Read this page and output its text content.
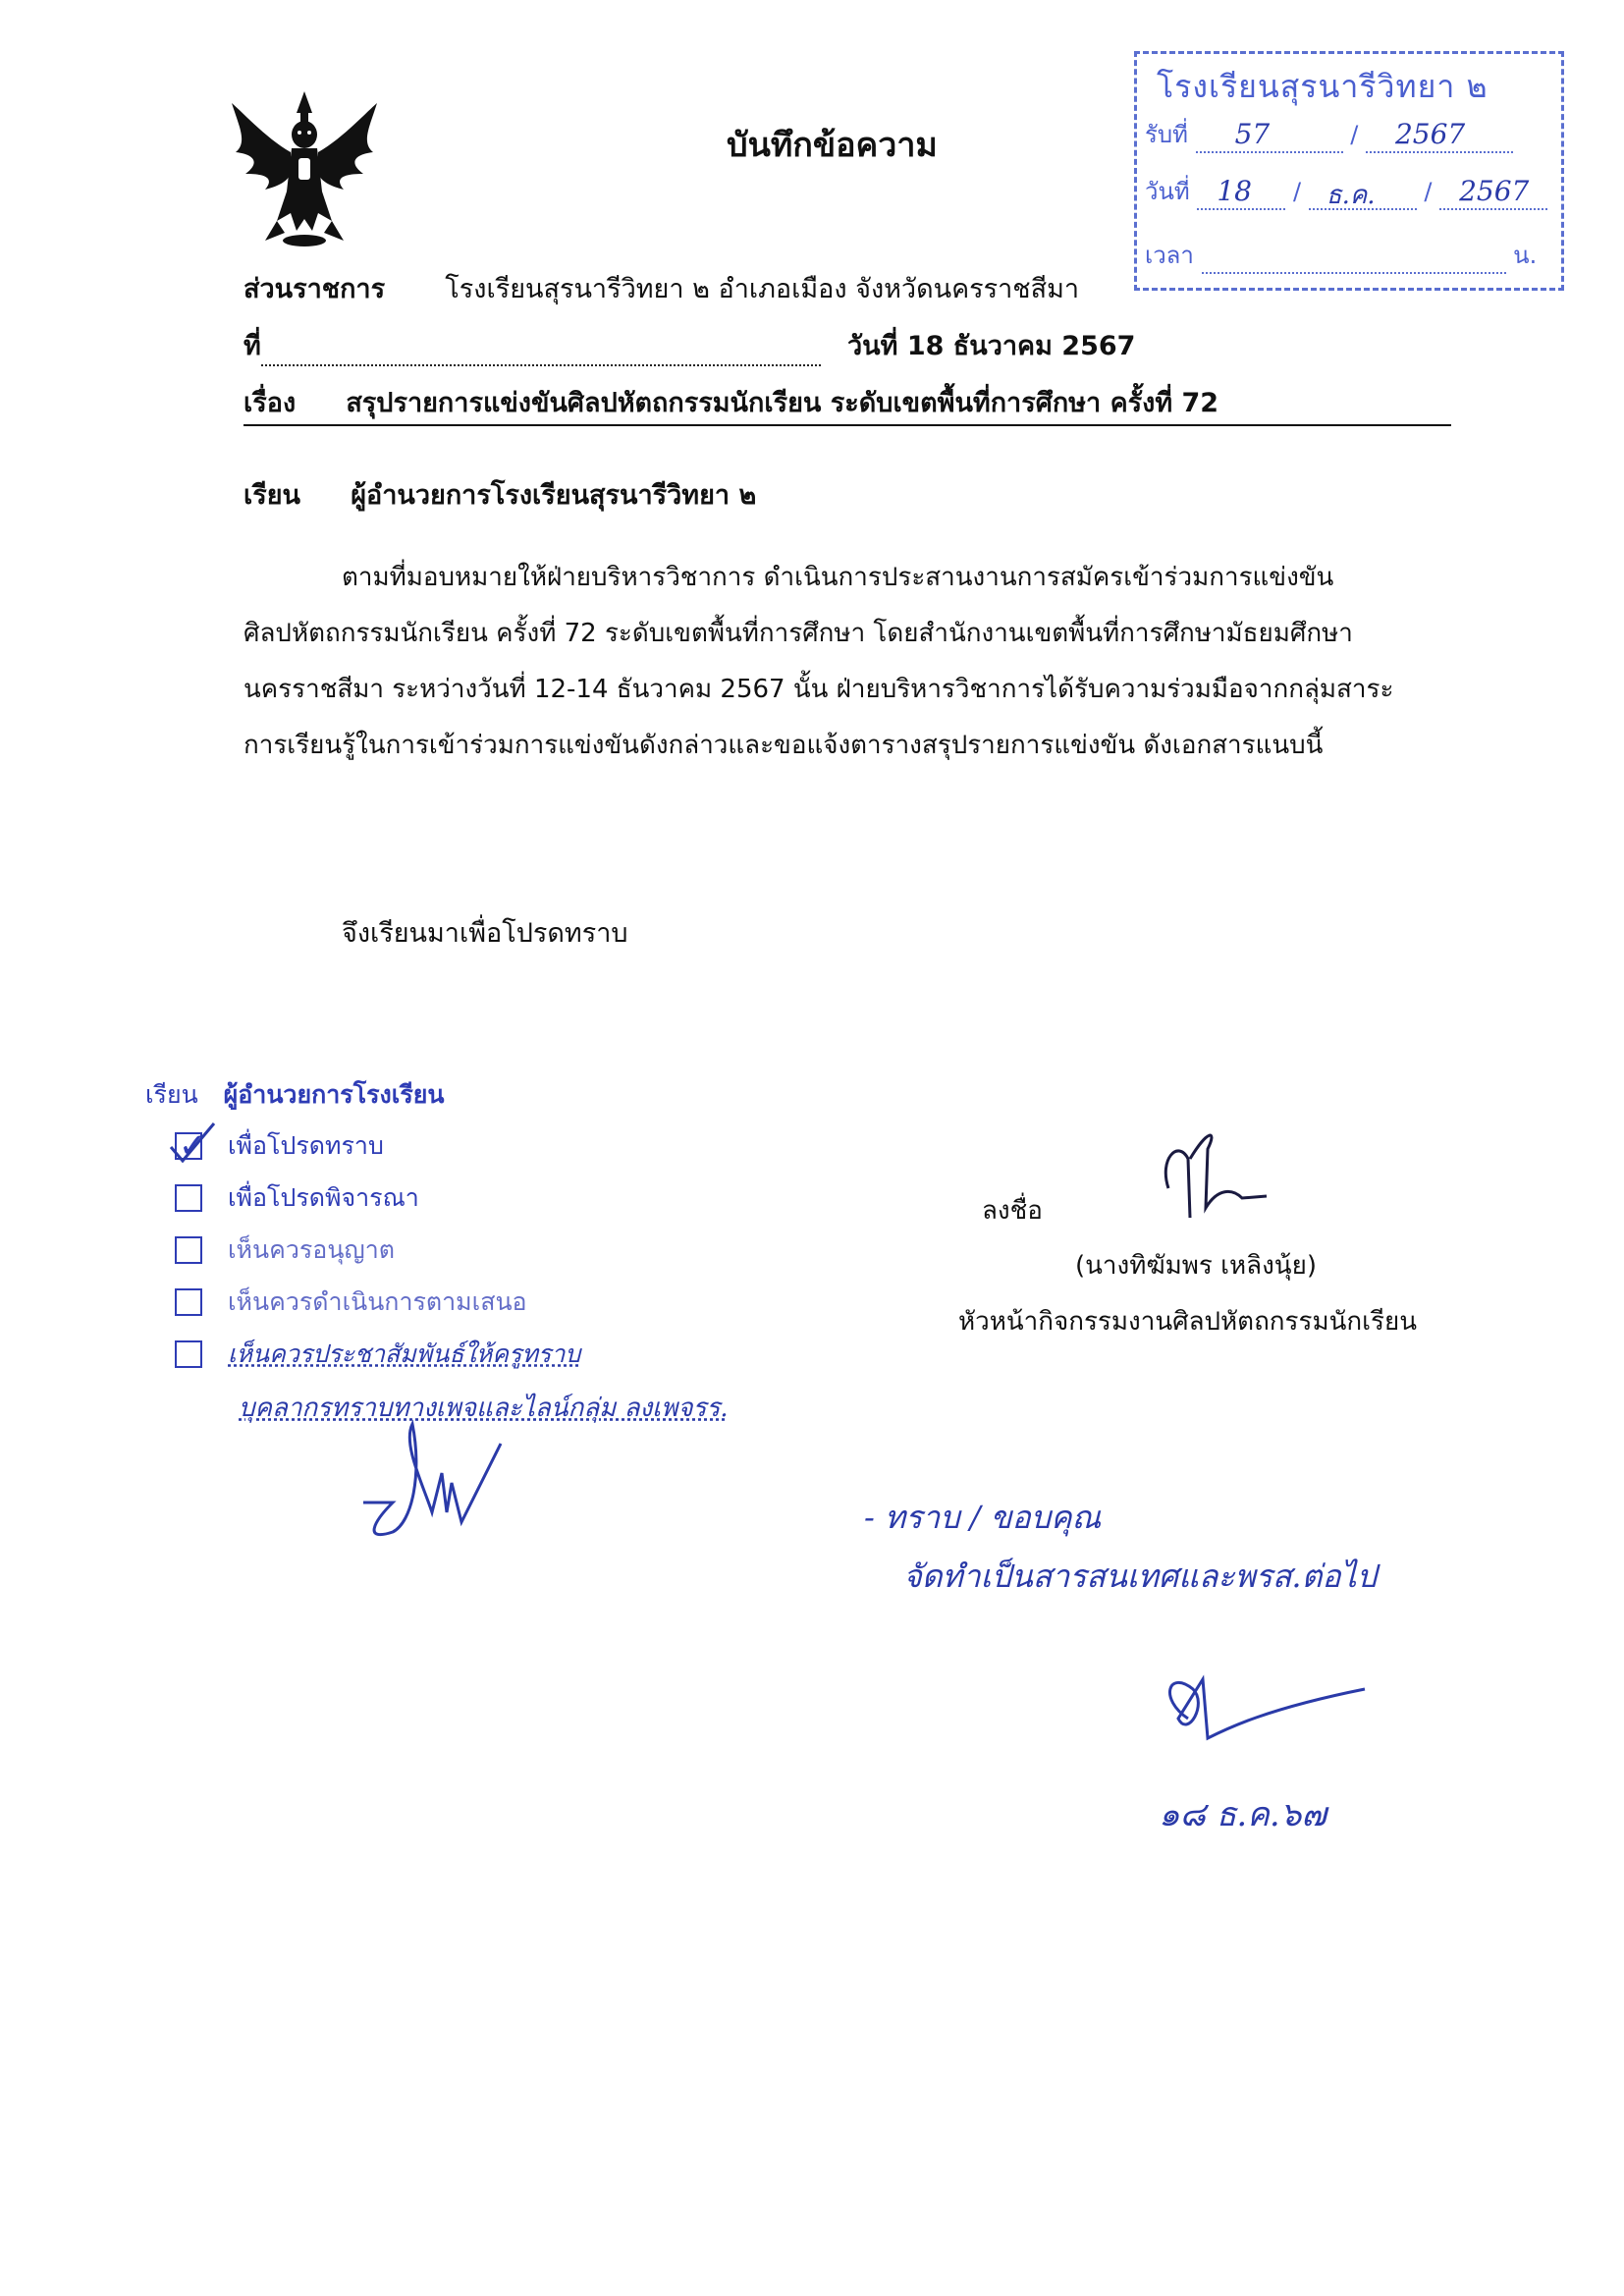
บันทึกข้อความ
โรงเรียนสุรนารีวิทยา ๒
รับที่ 57	/ 2567
วันที่ 18 / ธ.ค. / 2567
เวลา	น.
ส่วนราชการ โรงเรียนสุรนารีวิทยา ๒ อำเภอเมือง จังหวัดนครราชสีมา
ที่	วันที่ 18 ธันวาคม 2567
เรื่อง สรุปรายการแข่งขันศิลปหัตถกรรมนักเรียน ระดับเขตพื้นที่การศึกษา ครั้งที่ 72
เรียน ผู้อำนวยการโรงเรียนสุรนารีวิทยา ๒

ตามที่มอบหมายให้ฝ่ายบริหารวิชาการ ดำเนินการประสานงานการสมัครเข้าร่วมการแข่งขัน

ศิลปหัตถกรรมนักเรียน ครั้งที่ 72 ระดับเขตพื้นที่การศึกษา โดยสำนักงานเขตพื้นที่การศึกษามัธยมศึกษา

นครราชสีมา ระหว่างวันที่ 12-14 ธันวาคม 2567 นั้น ฝ่ายบริหารวิชาการได้รับความร่วมมือจากกลุ่มสาระ

การเรียนรู้ในการเข้าร่วมการแข่งขันดังกล่าวและขอแจ้งตารางสรุปรายการแข่งขัน ดังเอกสารแนบนี้

จึงเรียนมาเพื่อโปรดทราบ
เรียน ผู้อำนวยการโรงเรียน
✓ เพื่อโปรดทราบ
เพื่อโปรดพิจารณา
เห็นควรอนุญาต
เห็นควรดำเนินการตามเสนอ
เห็นควรประชาสัมพันธ์ให้ครูทราบ
บุคลากรทราบทางเพจและไลน์กลุ่ม ลงเพจรร.
ลงชื่อ
(นางทิฆัมพร เหลิงนุ้ย)
หัวหน้ากิจกรรมงานศิลปหัตถกรรมนักเรียน
- ทราบ / ขอบคุณ
จัดทำเป็นสารสนเทศและพรส.ต่อไป
๑๘ ธ.ค.๖๗
